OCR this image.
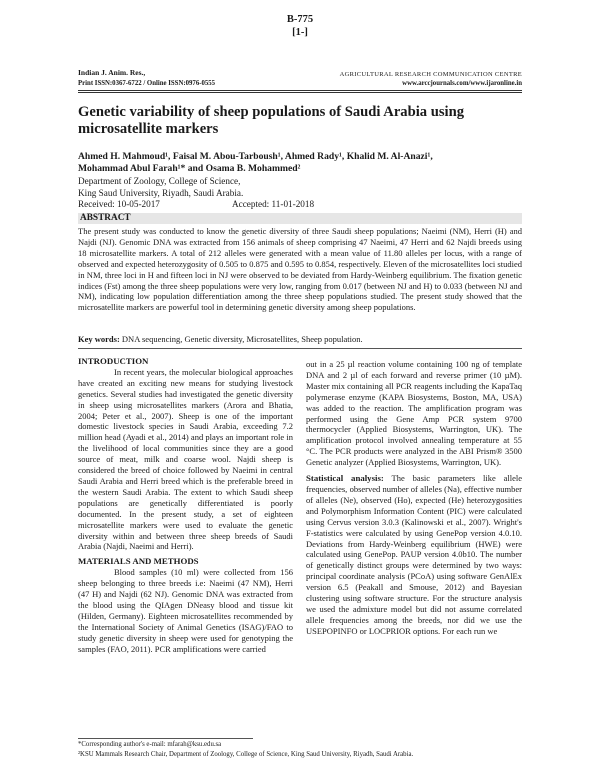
B-775
[1-]
Indian J. Anim. Res.,
Print ISSN:0367-6722 / Online ISSN:0976-0555
AGRICULTURAL RESEARCH COMMUNICATION CENTRE
www.arccjournals.com/www.ijaronline.in
Genetic variability of sheep populations of Saudi Arabia using microsatellite markers
Ahmed H. Mahmoud¹, Faisal M. Abou-Tarboush¹, Ahmed Rady¹, Khalid M. Al-Anazi¹,
Mohammad Abul Farah¹* and Osama B. Mohammed²
Department of Zoology, College of Science,
King Saud University, Riyadh, Saudi Arabia.
Received: 10-05-2017	Accepted: 11-01-2018
ABSTRACT
The present study was conducted to know the genetic diversity of three Saudi sheep populations; Naeimi (NM), Herri (H) and Najdi (NJ). Genomic DNA was extracted from 156 animals of sheep comprising 47 Naeimi, 47 Herri and 62 Najdi breeds using 18 microsatellite markers. A total of 212 alleles were generated with a mean value of 11.80 alleles per locus, with a range of observed and expected heterozygosity of 0.505 to 0.875 and 0.595 to 0.854, respectively. Eleven of the microsatellites loci studied in NM, three loci in H and fifteen loci in NJ were observed to be deviated from Hardy-Weinberg equilibrium. The fixation genetic indices (Fst) among the three sheep populations were very low, ranging from 0.017 (between NJ and H) to 0.033 (between NJ and NM), indicating low population differentiation among the three sheep populations studied. The present study showed that the microsatellite markers are powerful tool in determining genetic diversity among sheep populations.
Key words: DNA sequencing, Genetic diversity, Microsatellites, Sheep population.
INTRODUCTION

In recent years, the molecular biological approaches have created an exciting new means for studying livestock genetics. Several studies had investigated the genetic diversity in sheep using microsatellites markers (Arora and Bhatia, 2004; Peter et al., 2007). Sheep is one of the important domestic livestock species in Saudi Arabia, exceeding 7.2 million head (Ayadi et al., 2014) and plays an important role in the livelihood of local communities since they are a good source of meat, milk and coarse wool. Najdi sheep is considered the breed of choice followed by Naeimi in central Saudi Arabia and Herri breed which is the preferable breed in the western Saudi Arabia. The extent to which Saudi sheep populations are genetically differentiated is poorly documented. In the present study, a set of eighteen microsatellite markers were used to evaluate the genetic diversity within and between three sheep breeds of Saudi Arabia (Najdi, Naeimi and Herri).

MATERIALS AND METHODS

Blood samples (10 ml) were collected from 156 sheep belonging to three breeds i.e: Naeimi (47 NM), Herri (47 H) and Najdi (62 NJ). Genomic DNA was extracted from the blood using the QIAgen DNeasy blood and tissue kit (Hilden, Germany). Eighteen microsatellites recommended by the International Society of Animal Genetics (ISAG)/FAO to study genetic diversity in sheep were used for genotyping the samples (FAO, 2011). PCR amplifications were carried

out in a 25 µl reaction volume containing 100 ng of template DNA and 2 µl of each forward and reverse primer (10 µM). Master mix containing all PCR reagents including the KapaTaq polymerase enzyme (KAPA Biosystems, Boston, MA, USA) was added to the reaction. The amplification program was performed using the Gene Amp PCR system 9700 thermocycler (Applied Biosystems, Warrington, UK). The amplification protocol involved annealing temperature at 55 °C. The PCR products were analyzed in the ABI Prism® 3500 Genetic analyzer (Applied Biosystems, Warrington, UK).

Statistical analysis: The basic parameters like allele frequencies, observed number of alleles (Na), effective number of alleles (Ne), observed (Ho), expected (He) heterozygosities and Polymorphism Information Content (PIC) were calculated using Cervus version 3.0.3 (Kalinowski et al., 2007). Wright's F-statistics were calculated by using GenePop version 4.0.10. Deviations from Hardy-Weinberg equilibrium (HWE) were calculated using GenePop. PAUP version 4.0b10. The number of genetically distinct groups were determined by two ways: principal coordinate analysis (PCoA) using software GenAlEx version 6.5 (Peakall and Smouse, 2012) and Bayesian clustering using software structure. For the structure analysis we used the admixture model but did not assume correlated allele frequencies among the breeds, nor did we use the USEPOPINFO or LOCPRIOR options. For each run we

*Corresponding author's e-mail: mfarah@ksu.edu.sa
²KSU Mammals Research Chair, Department of Zoology, College of Science, King Saud University, Riyadh, Saudi Arabia.
